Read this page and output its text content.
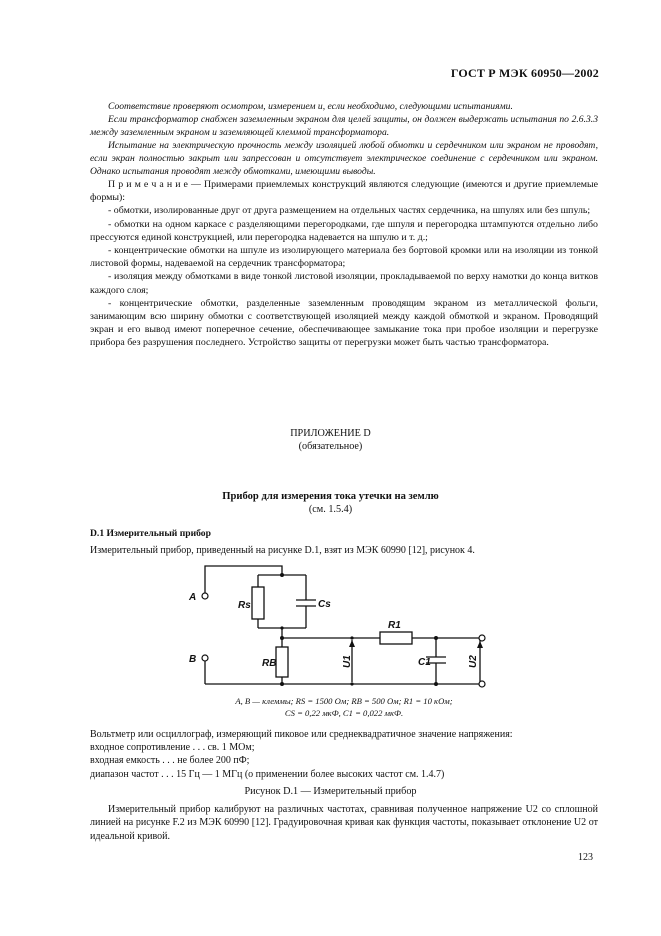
ГОСТ Р МЭК 60950—2002

Соответствие проверяют осмотром, измерением и, если необходимо, следующими испытаниями.

Если трансформатор снабжен заземленным экраном для целей защиты, он должен выдержать испытания по 2.6.3.3 между заземленным экраном и заземляющей клеммой трансформатора.

Испытание на электрическую прочность между изоляцией любой обмотки и сердечником или экраном не проводят, если экран полностью закрыт или запрессован и отсутствует электрическое соединение с сердечником или экраном. Однако испытания проводят между обмотками, имеющими выводы.

П р и м е ч а н и е — Примерами приемлемых конструкций являются следующие (имеются и другие приемлемые формы):

- обмотки, изолированные друг от друга размещением на отдельных частях сердечника, на шпулях или без шпуль;

- обмотки на одном каркасе с разделяющими перегородками, где шпуля и перегородка штампуются отдельно либо прессуются единой конструкцией, или перегородка надевается на шпулю и т. д.;

- концентрические обмотки на шпуле из изолирующего материала без бортовой кромки или на изоляции из тонкой листовой формы, надеваемой на сердечник трансформатора;

- изоляция между обмотками в виде тонкой листовой изоляции, прокладываемой по верху намотки до конца витков каждого слоя;

- концентрические обмотки, разделенные заземленным проводящим экраном из металлической фольги, занимающим всю ширину обмотки с соответствующей изоляцией между каждой обмоткой и экраном. Проводящий экран и его вывод имеют поперечное сечение, обеспечивающее замыкание тока при пробое изоляции и перегрузке прибора без разрушения последнего. Устройство защиты от перегрузки может быть частью трансформатора.

ПРИЛОЖЕНИЕ D
(обязательное)
Прибор для измерения тока утечки на землю
(см. 1.5.4)
D.1 Измерительный прибор
Измерительный прибор, приведенный на рисунке D.1, взят из МЭК 60990 [12], рисунок 4.
A
B
Rs	Cs
RB
R1
C1
U1	U2
A, B — клеммы; RS = 1500 Ом; RB = 500 Ом; R1 = 10 кОм;
CS = 0,22 мкФ, C1 = 0,022 мкФ.

Вольтметр или осциллограф, измеряющий пиковое или среднеквадратичное значение напряжения:

входное сопротивление . . . св. 1 МОм;

входная емкость . . . не более 200 пФ;

диапазон частот . . . 15 Гц — 1 МГц (о применении более высоких частот см. 1.4.7)

Рисунок D.1 — Измерительный прибор
Измерительный прибор калибруют на различных частотах, сравнивая полученное напряжение U2 со сплошной линией на рисунке F.2 из МЭК 60990 [12]. Градуировочная кривая как функция частоты, показывает отклонение U2 от идеальной кривой.
123
